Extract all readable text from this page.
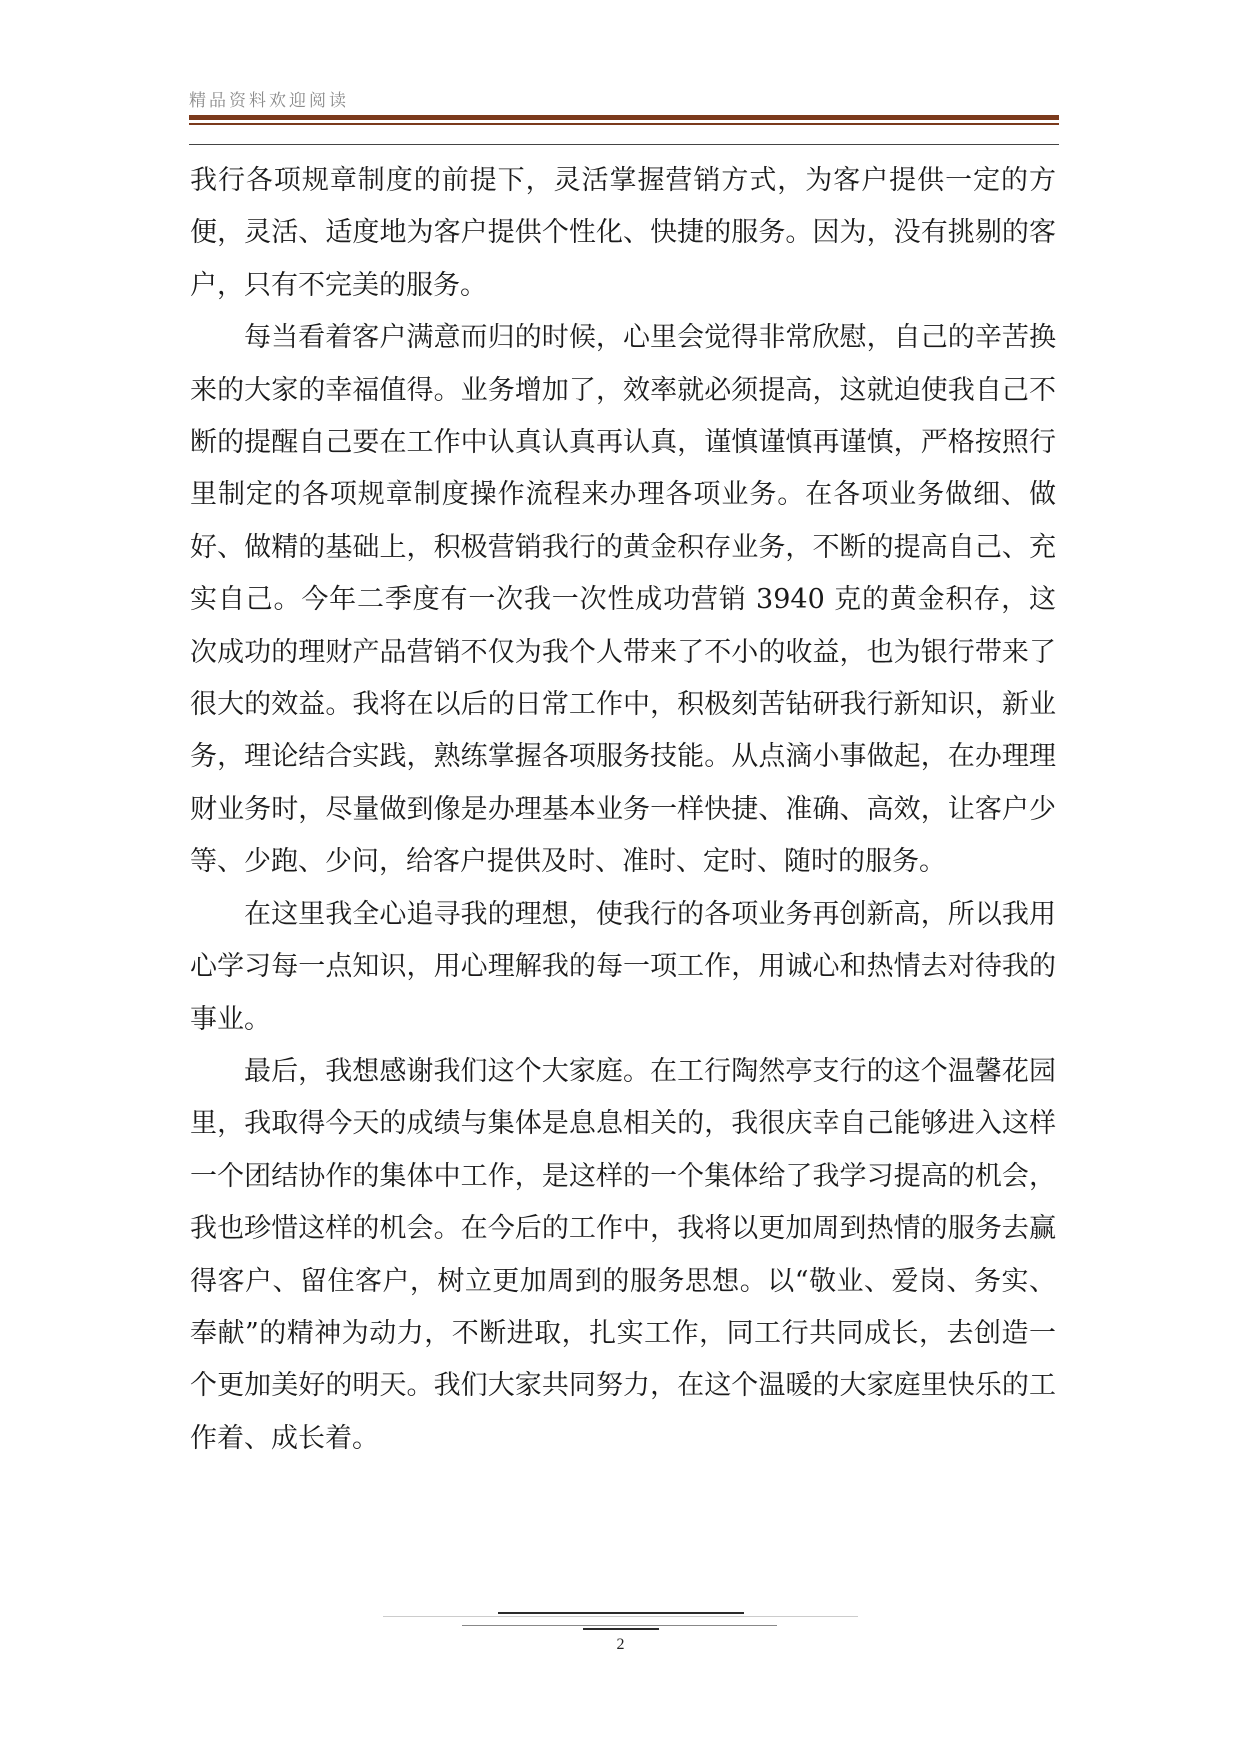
精品资料欢迎阅读

我行各项规章制度的前提下，灵活掌握营销方式，为客户提供一定的方便，灵活、适度地为客户提供个性化、快捷的服务。因为，没有挑剔的客户，只有不完美的服务。

每当看着客户满意而归的时候，心里会觉得非常欣慰，自己的辛苦换来的大家的幸福值得。业务增加了，效率就必须提高，这就迫使我自己不断的提醒自己要在工作中认真认真再认真，谨慎谨慎再谨慎，严格按照行里制定的各项规章制度操作流程来办理各项业务。在各项业务做细、做好、做精的基础上，积极营销我行的黄金积存业务，不断的提高自己、充实自己。今年二季度有一次我一次性成功营销 3940 克的黄金积存，这次成功的理财产品营销不仅为我个人带来了不小的收益，也为银行带来了很大的效益。我将在以后的日常工作中，积极刻苦钻研我行新知识，新业务，理论结合实践，熟练掌握各项服务技能。从点滴小事做起，在办理理财业务时，尽量做到像是办理基本业务一样快捷、准确、高效，让客户少等、少跑、少问，给客户提供及时、准时、定时、随时的服务。

在这里我全心追寻我的理想，使我行的各项业务再创新高，所以我用心学习每一点知识，用心理解我的每一项工作，用诚心和热情去对待我的事业。

最后，我想感谢我们这个大家庭。在工行陶然亭支行的这个温馨花园里，我取得今天的成绩与集体是息息相关的，我很庆幸自己能够进入这样一个团结协作的集体中工作，是这样的一个集体给了我学习提高的机会，我也珍惜这样的机会。在今后的工作中，我将以更加周到热情的服务去赢得客户、留住客户，树立更加周到的服务思想。以“敬业、爱岗、务实、奉献”的精神为动力，不断进取，扎实工作，同工行共同成长，去创造一个更加美好的明天。我们大家共同努力，在这个温暖的大家庭里快乐的工作着、成长着。

2
